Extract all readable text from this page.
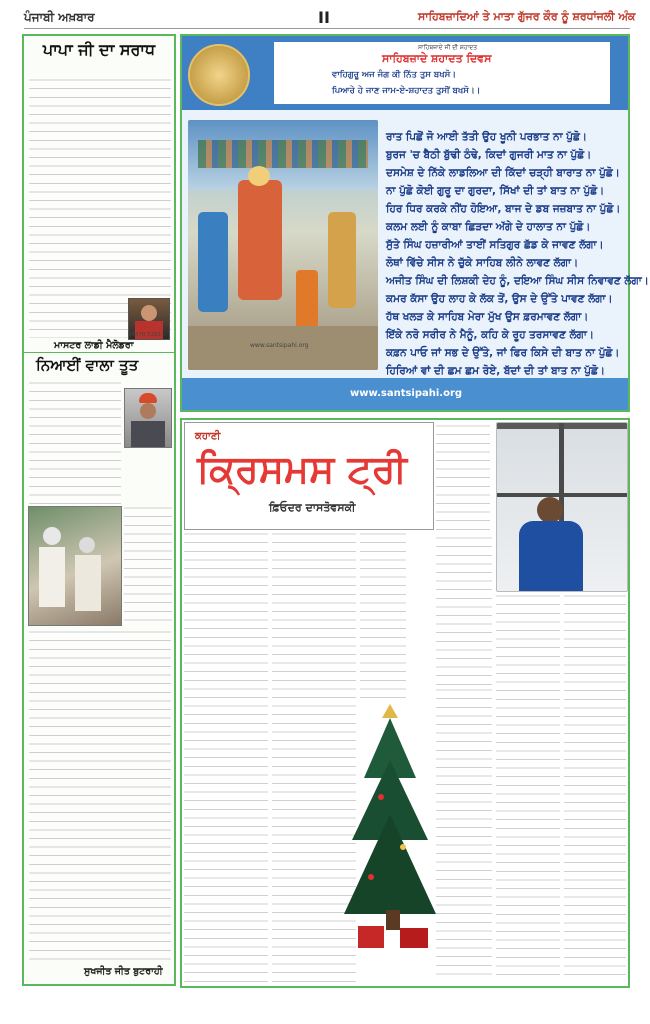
ਪੰਜਾਬੀ ਅਖ਼ਬਾਰ	II	ਸਾਹਿਬਜ਼ਾਦਿਆਂ ਤੇ ਮਾਤਾ ਗੁੱਜਰ ਕੌਰ ਨੂੰ ਸ਼ਰਧਾਂਜਲੀ ਅੰਕ
ਪਾਪਾ ਜੀ ਦਾ ਸਰਾਧ
ਮਾਸਟਰ ਲਾਡੀ ਮੈਲੋਡਰਾ
98470 52611
ਨਿਆਈਂ ਵਾਲਾ ਤੂਤ
ਸੁਖਜੀਤ ਜੀਤ ਬੁਟਰਾਹੀ
ਸਾਹਿਬਜ਼ਾਦੇ ਜੀ ਦੀ ਸ਼ਹਾਦਤ
ਸਾਹਿਬਜ਼ਾਦੇ ਸ਼ਹਾਦਤ ਦਿਵਸ
ਵਾਹਿਗੁਰੂ ਅਜ ਜੰਗ ਕੀ ਨਿੱਤ ਤੁਸ ਬਖਸੋ।
ਪਿਆਰੇ ਹੇ ਜਾਣ ਜਾਮ-ਏ-ਸ਼ਹਾਦਤ ਤੁਸੀਂ ਬਖਸੋ।।
www.santsipahi.org
ਰਾਤ ਪਿਛੋਂ ਜੋ ਆਈ ਤੱਤੀ ਉਹ ਖੂਨੀ ਪਰਭਾਤ ਨਾ ਪੁੱਛੋ।
ਬੁਰਜ 'ਚ ਬੈਠੀ ਬੁੱਢੀ ਠੰਢੇ, ਕਿਦਾਂ ਗੁਜਰੀ ਮਾਤ ਨਾ ਪੁੱਛੋ।
ਦਸਮੇਸ਼ ਦੇ ਨਿੱਕੇ ਲਾਡਲਿਆ ਦੀ ਕਿੱਦਾਂ ਚੜ੍ਹੀ ਬਾਰਾਤ ਨਾ ਪੁੱਛੋ।
ਨਾ ਪੁੱਛੋ ਕੋਈ ਗੁਰੂ ਦਾ ਗੁਰਦਾ, ਸਿੱਖਾਂ ਦੀ ਤਾਂ ਬਾਤ ਨਾ ਪੁੱਛੋ।
ਹਿਰ ਧਿਰ ਕਰਕੇ ਨੀਂਹ ਹੋਇਆ, ਬਾਜ ਦੇ ਡਬ ਜਜ਼ਬਾਤ ਨਾ ਪੁੱਛੋ।
ਕਲਮ ਲਈ ਨੂੰ ਕਾਬਾ ਛਿੜਦਾ ਅੱਗੇ ਦੇ ਹਾਲਾਤ ਨਾ ਪੁੱਛੋ।
ਸੁੱਤੇ ਸਿੰਘ ਹਜ਼ਾਰੀਆਂ ਤਾਈਂ ਸਤਿਗੁਰ ਛੱਡ ਕੇ ਜਾਵਣ ਲੱਗਾ।
ਲੋਥਾਂ ਵਿੱਚੇ ਸੀਸ ਨੇ ਚੁੱਕੇ ਸਾਹਿਬ ਲੀਨੇ ਲਾਵਣ ਲੱਗਾ।
ਅਜੀਤ ਸਿੰਘ ਦੀ ਲਿਸ਼ਕੀ ਦੇਹ ਨੂੰ, ਦਇਆ ਸਿੰਘ ਸੀਸ ਨਿਵਾਵਣ ਲੱਗਾ।
ਕਮਰ ਕੱਸਾ ਉਹ ਲਾਹ ਕੇ ਲੱਕ ਤੋਂ, ਉਸ ਦੇ ਉੱਤੇ ਪਾਵਣ ਲੱਗਾ।
ਹੱਥ ਖਲੜ ਕੇ ਸਾਹਿਬ ਮੇਰਾ ਮੁੱਖ ਉਸ ਫ਼ਰਮਾਵਣ ਲੱਗਾ।
ਇੱਕੇ ਨਰੋ ਸਰੀਰ ਨੇ ਮੈਨੂੰ, ਕਹਿ ਕੇ ਰੂਹ ਤਰਸਾਵਣ ਲੱਗਾ।
ਕਫ਼ਨ ਪਾਓ ਜਾਂ ਸਭ ਦੇ ਉੱਤੇ, ਜਾਂ ਫਿਰ ਕਿਸੇ ਦੀ ਬਾਤ ਨਾ ਪੁੱਛੋ।
ਹਿਰਿਆਂ ਵਾਂ ਦੀ ਛਮ ਛਮ ਰੋਏ, ਬੱਦਾਂ ਦੀ ਤਾਂ ਬਾਤ ਨਾ ਪੁੱਛੋ।
www.santsipahi.org
ਕਹਾਣੀ
ਕ੍ਰਿਸਮਸ ਟ੍ਰੀ
ਫ਼ਿਓਦਰ ਦਾਸਤੋਵਸਕੀ
